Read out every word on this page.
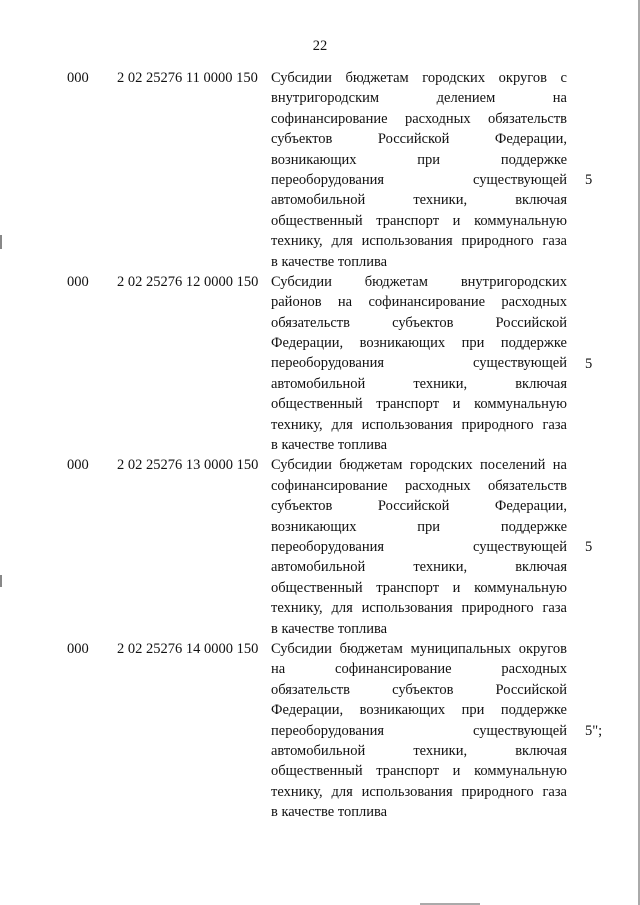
22
000 2 02 25276 11 0000 150 Субсидии бюджетам городских округов с
внутригородским делением на
софинансирование расходных обязательств
субъектов Российской Федерации,
возникающих при поддержке
переоборудования существующей
автомобильной техники, включая
общественный транспорт и коммунальную
технику, для использования природного газа
в качестве топлива
5
000 2 02 25276 12 0000 150 Субсидии бюджетам внутригородских
районов на софинансирование расходных
обязательств субъектов Российской
Федерации, возникающих при поддержке
переоборудования существующей
автомобильной техники, включая
общественный транспорт и коммунальную
технику, для использования природного газа
в качестве топлива
5
000 2 02 25276 13 0000 150 Субсидии бюджетам городских поселений на
софинансирование расходных обязательств
субъектов Российской Федерации,
возникающих при поддержке
переоборудования существующей
автомобильной техники, включая
общественный транспорт и коммунальную
технику, для использования природного газа
в качестве топлива
5
000 2 02 25276 14 0000 150 Субсидии бюджетам муниципальных округов
на софинансирование расходных
обязательств субъектов Российской
Федерации, возникающих при поддержке
переоборудования существующей
автомобильной техники, включая
общественный транспорт и коммунальную
технику, для использования природного газа
в качестве топлива
5";
